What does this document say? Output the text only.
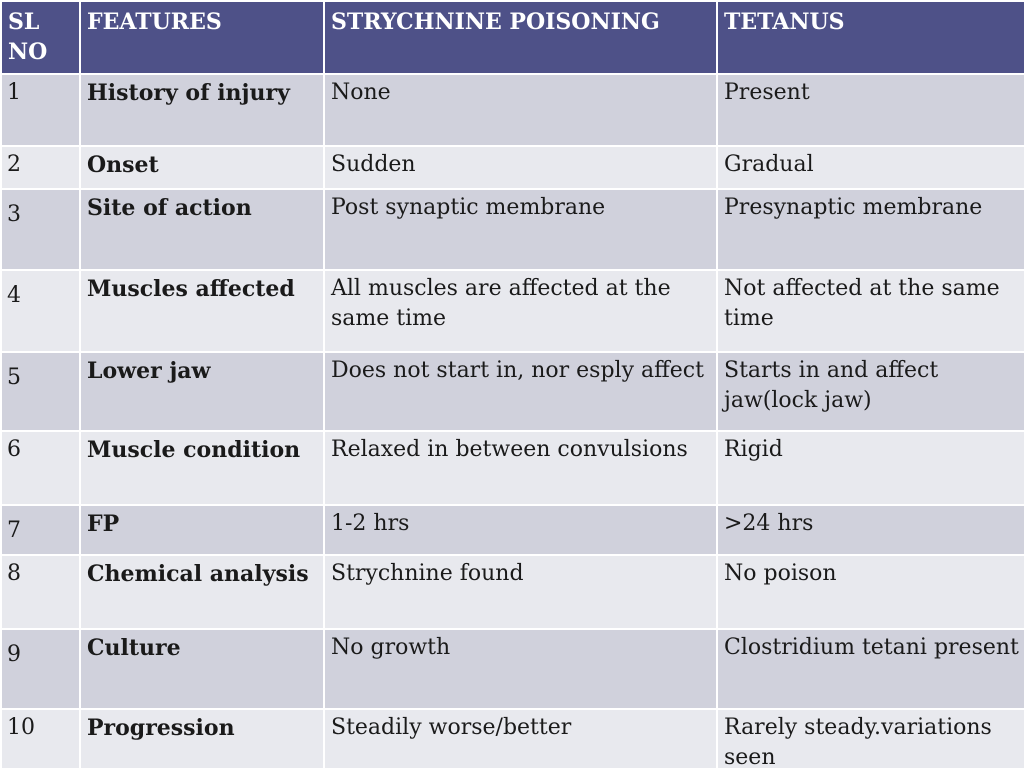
SL NO	FEATURES	STRYCHNINE POISONING	TETANUS
1	History of injury	None	Present
2	Onset	Sudden	Gradual
3	Site of action	Post synaptic membrane	Presynaptic membrane
4	Muscles affected	All muscles are affected at the same time	Not affected at the same time
5	Lower jaw	Does not start in, nor esply affect	Starts in and affect jaw(lock jaw)
6	Muscle condition	Relaxed in between convulsions	Rigid
7	FP	1-2 hrs	>24 hrs
8	Chemical analysis	Strychnine found	No poison
9	Culture	No growth	Clostridium tetani present
10	Progression	Steadily worse/better	Rarely steady.variations seen
